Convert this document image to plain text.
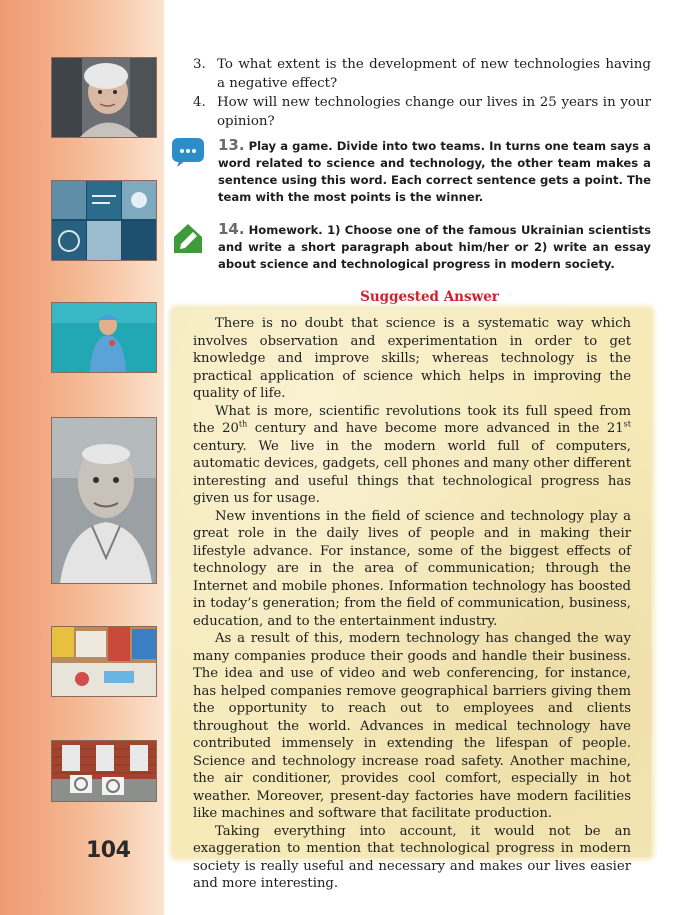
104
3. To what extent is the development of new technologies having a negative effect?
4. How will new technologies change our lives in 25 years in your opinion?
13. Play a game. Divide into two teams. In turns one team says a word related to science and technology, the other team makes a sentence using this word. Each correct sentence gets a point. The team with the most points is the winner.
14. Homework. 1) Choose one of the famous Ukrainian scientists and write a short paragraph about him/her or 2) write an essay about science and technological progress in modern society.
Suggested Answer

There is no doubt that science is a systematic way which involves observation and experimentation in order to get knowledge and improve skills; whereas technology is the practical application of science which helps in improving the quality of life.

What is more, scientific revolutions took its full speed from the 20th century and have become more advanced in the 21st century. We live in the modern world full of computers, automatic devices, gadgets, cell phones and many other different interesting and useful things that technological progress has given us for usage.

New inventions in the field of science and technology play a great role in the daily lives of people and in making their lifestyle advance. For instance, some of the biggest effects of technology are in the area of communication; through the Internet and mobile phones. Information technology has boosted in today’s generation; from the field of communication, business, education, and to the entertainment industry.

As a result of this, modern technology has changed the way many companies produce their goods and handle their business. The idea and use of video and web conferencing, for instance, has helped companies remove geographical barriers giving them the opportunity to reach out to employees and clients throughout the world. Advances in medical technology have contributed immensely in extending the lifespan of people. Science and technology increase road safety. Another machine, the air conditioner, provides cool comfort, especially in hot weather. Moreover, present-day factories have modern facilities like machines and software that facilitate production.

Taking everything into account, it would not be an exaggeration to mention that technological progress in modern society is really useful and necessary and makes our lives easier and more interesting.
